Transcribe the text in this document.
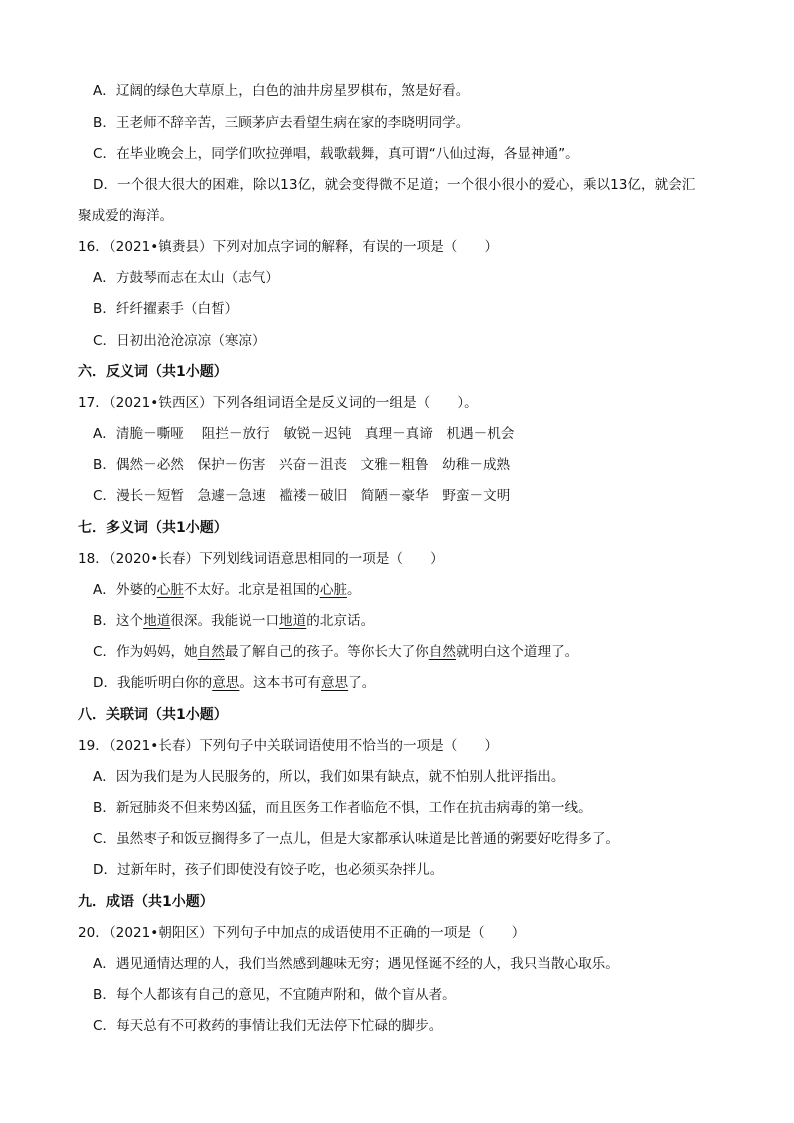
A．辽阔的绿色大草原上，白色的油井房星罗棋布，煞是好看。
B．王老师不辞辛苦，三顾茅庐去看望生病在家的李晓明同学。
C．在毕业晚会上，同学们吹拉弹唱，载歌载舞，真可谓“八仙过海，各显神通”。
D．一个很大很大的困难，除以13亿，就会变得微不足道；一个很小很小的爱心，乘以13亿，就会汇
聚成爱的海洋。
16．（2021•镇赉县）下列对加点字词的解释，有误的一项是（　　）
A．方鼓琴而志在太山（志气）
B．纤纤擢素手（白皙）
C．日初出沧沧凉凉（寒凉）
六．反义词（共1小题）
17．（2021•铁西区）下列各组词语全是反义词的一组是（　　）。
A．清脆－嘶哑　 阻拦－放行　敏锐－迟钝　真理－真谛　机遇－机会
B．偶然－必然　保护－伤害　兴奋－沮丧　文雅－粗鲁　幼稚－成熟
C．漫长－短暂　急遽－急速　褴褛－破旧　简陋－豪华　野蛮－文明
七．多义词（共1小题）
18．（2020•长春）下列划线词语意思相同的一项是（　　）
A．外婆的心脏不太好。北京是祖国的心脏。
B．这个地道很深。我能说一口地道的北京话。
C．作为妈妈，她自然最了解自己的孩子。等你长大了你自然就明白这个道理了。
D．我能听明白你的意思。这本书可有意思了。
八．关联词（共1小题）
19．（2021•长春）下列句子中关联词语使用不恰当的一项是（　　）
A．因为我们是为人民服务的，所以，我们如果有缺点，就不怕别人批评指出。
B．新冠肺炎不但来势凶猛，而且医务工作者临危不惧，工作在抗击病毒的第一线。
C．虽然枣子和饭豆搁得多了一点儿，但是大家都承认味道是比普通的粥要好吃得多了。
D．过新年时，孩子们即使没有饺子吃，也必须买杂拌儿。
九．成语（共1小题）
20．（2021•朝阳区）下列句子中加点的成语使用不正确的一项是（　　）
A．遇见通情达理的人，我们当然感到趣味无穷；遇见怪诞不经的人，我只当散心取乐。
B．每个人都该有自己的意见，不宜随声附和，做个盲从者。
C．每天总有不可救药的事情让我们无法停下忙碌的脚步。
